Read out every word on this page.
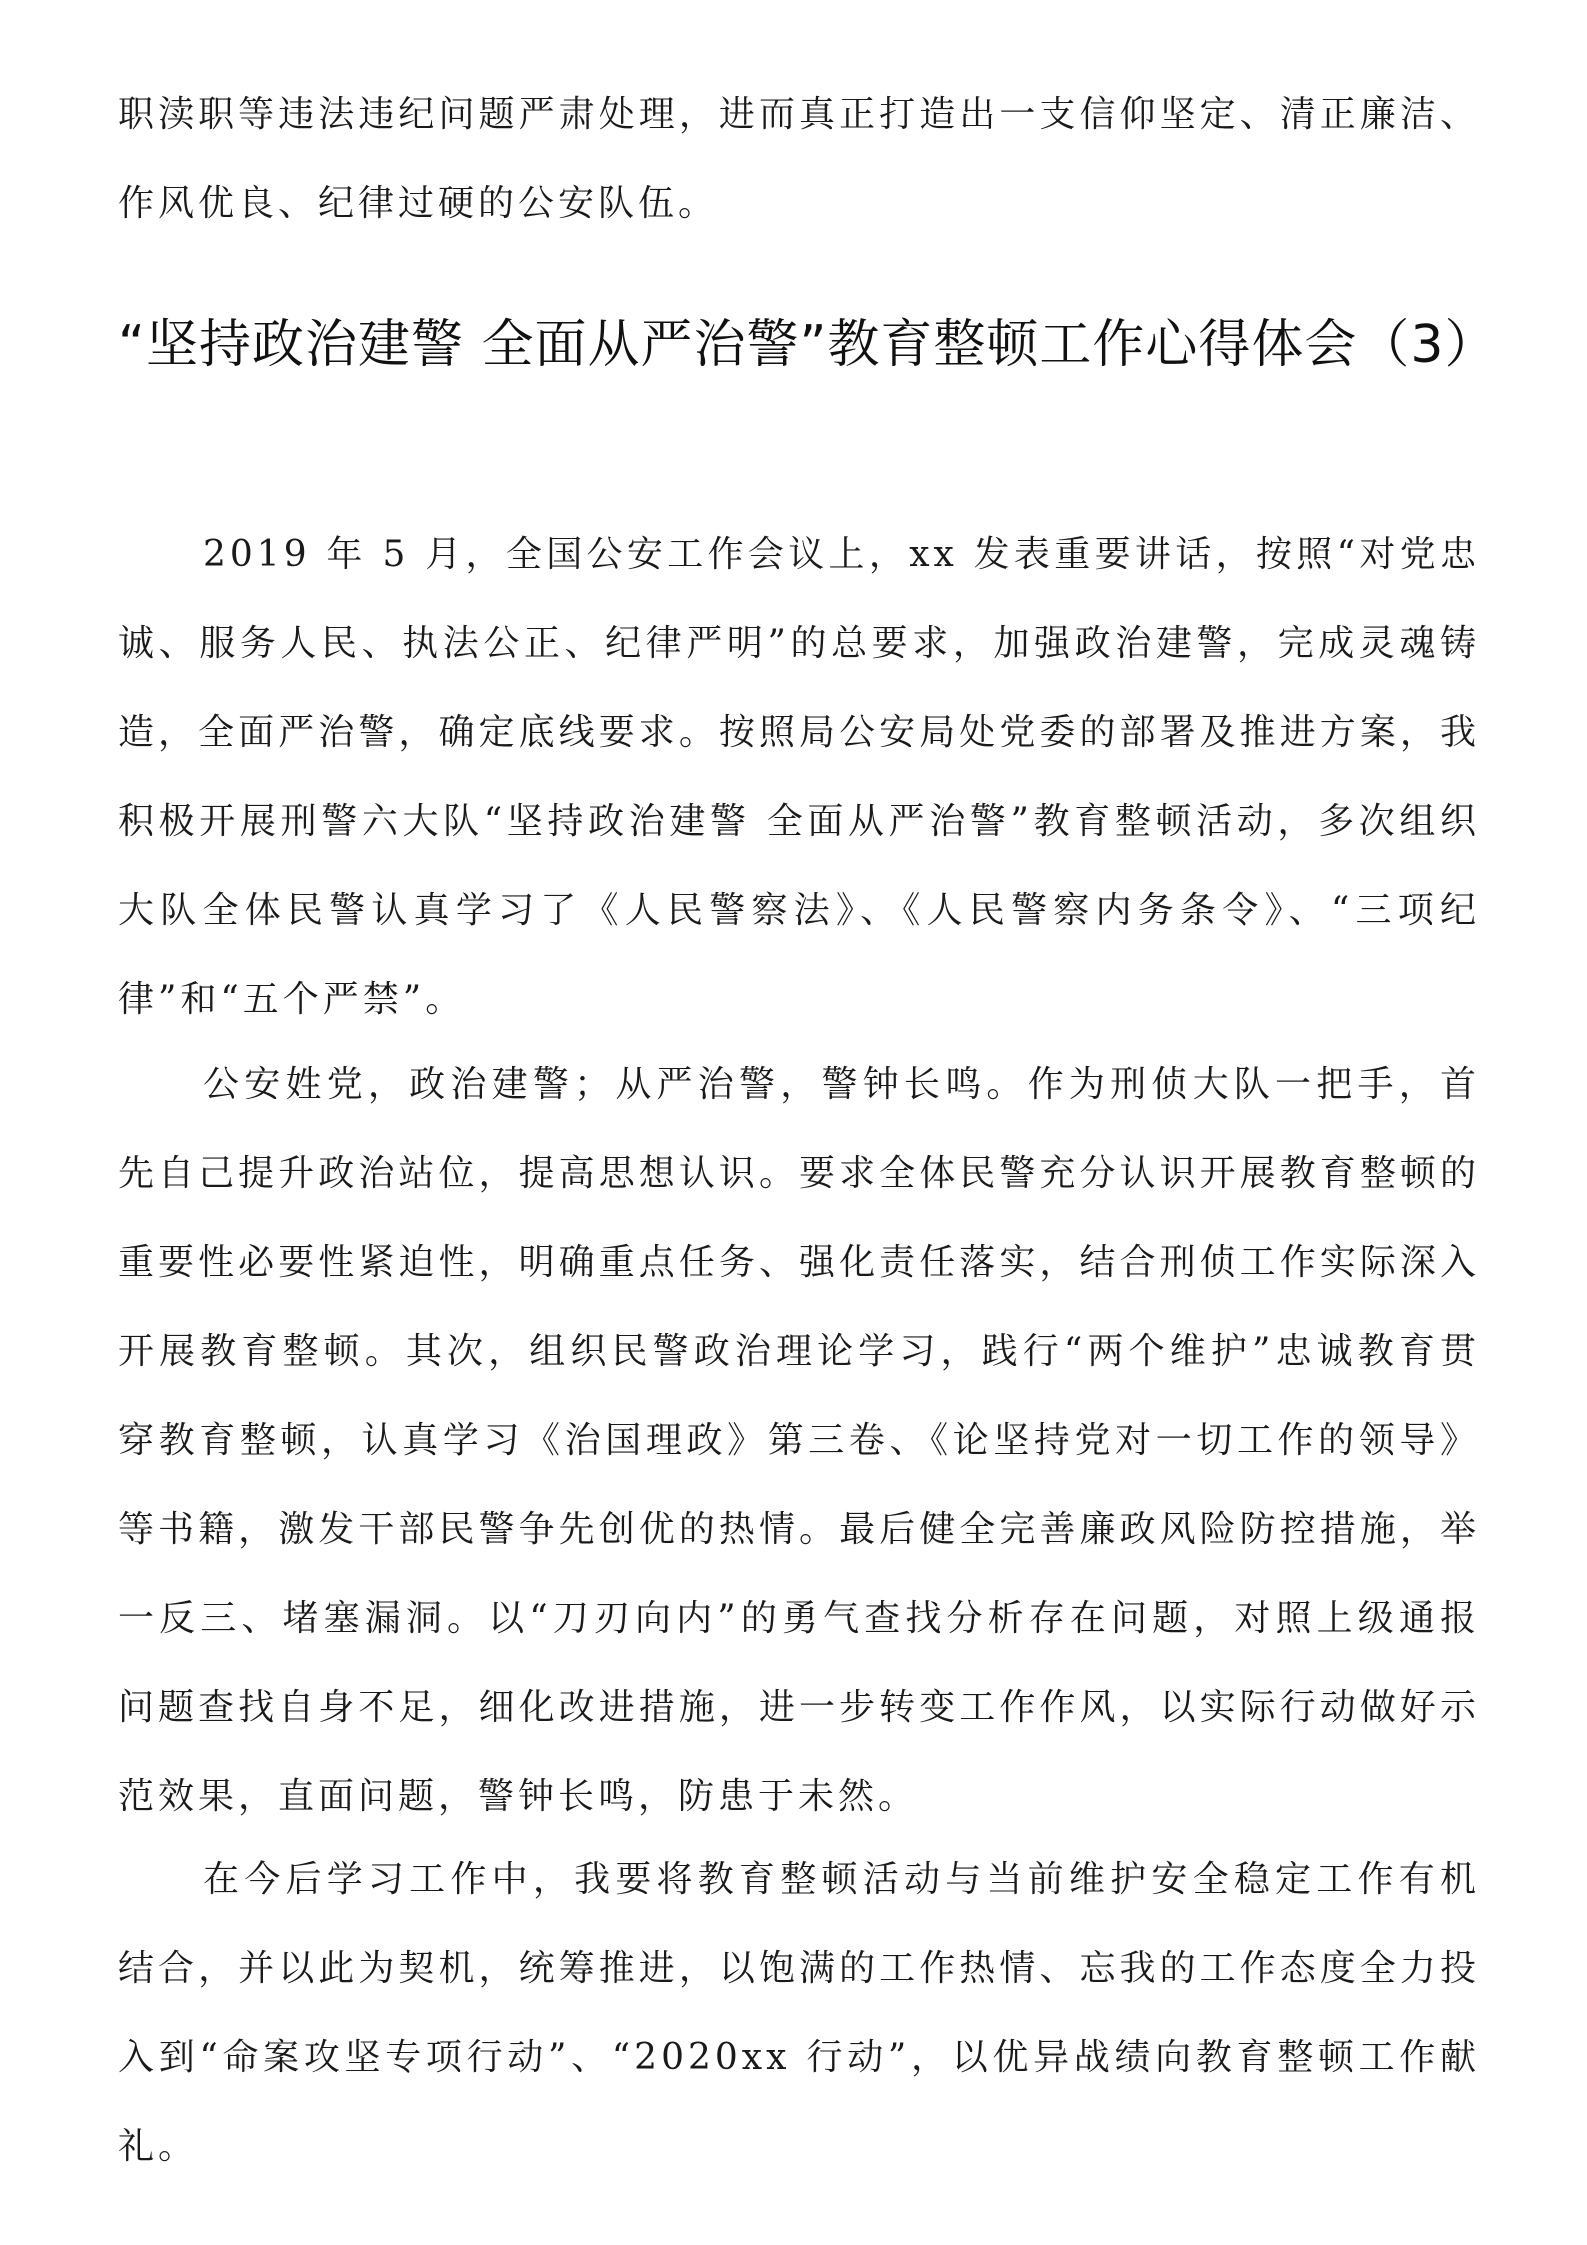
职渎职等违法违纪问题严肃处理，进而真正打造出一支信仰坚定、清正廉洁、作风优良、纪律过硬的公安队伍。

“坚持政治建警 全面从严治警”教育整顿工作心得体会（3）

2019 年 5 月，全国公安工作会议上，xx 发表重要讲话，按照“对党忠诚、服务人民、执法公正、纪律严明”的总要求，加强政治建警，完成灵魂铸造，全面严治警，确定底线要求。按照局公安局处党委的部署及推进方案，我积极开展刑警六大队“坚持政治建警 全面从严治警”教育整顿活动，多次组织大队全体民警认真学习了《人民警察法》、《人民警察内务条令》、“三项纪律”和“五个严禁”。

公安姓党，政治建警；从严治警，警钟长鸣。作为刑侦大队一把手，首先自己提升政治站位，提高思想认识。要求全体民警充分认识开展教育整顿的重要性必要性紧迫性，明确重点任务、强化责任落实，结合刑侦工作实际深入开展教育整顿。其次，组织民警政治理论学习，践行“两个维护”忠诚教育贯穿教育整顿，认真学习《治国理政》第三卷、《论坚持党对一切工作的领导》等书籍，激发干部民警争先创优的热情。最后健全完善廉政风险防控措施，举一反三、堵塞漏洞。以“刀刃向内”的勇气查找分析存在问题，对照上级通报问题查找自身不足，细化改进措施，进一步转变工作作风，以实际行动做好示范效果，直面问题，警钟长鸣，防患于未然。

在今后学习工作中，我要将教育整顿活动与当前维护安全稳定工作有机结合，并以此为契机，统筹推进，以饱满的工作热情、忘我的工作态度全力投入到“命案攻坚专项行动”、“2020xx 行动”，以优异战绩向教育整顿工作献礼。
